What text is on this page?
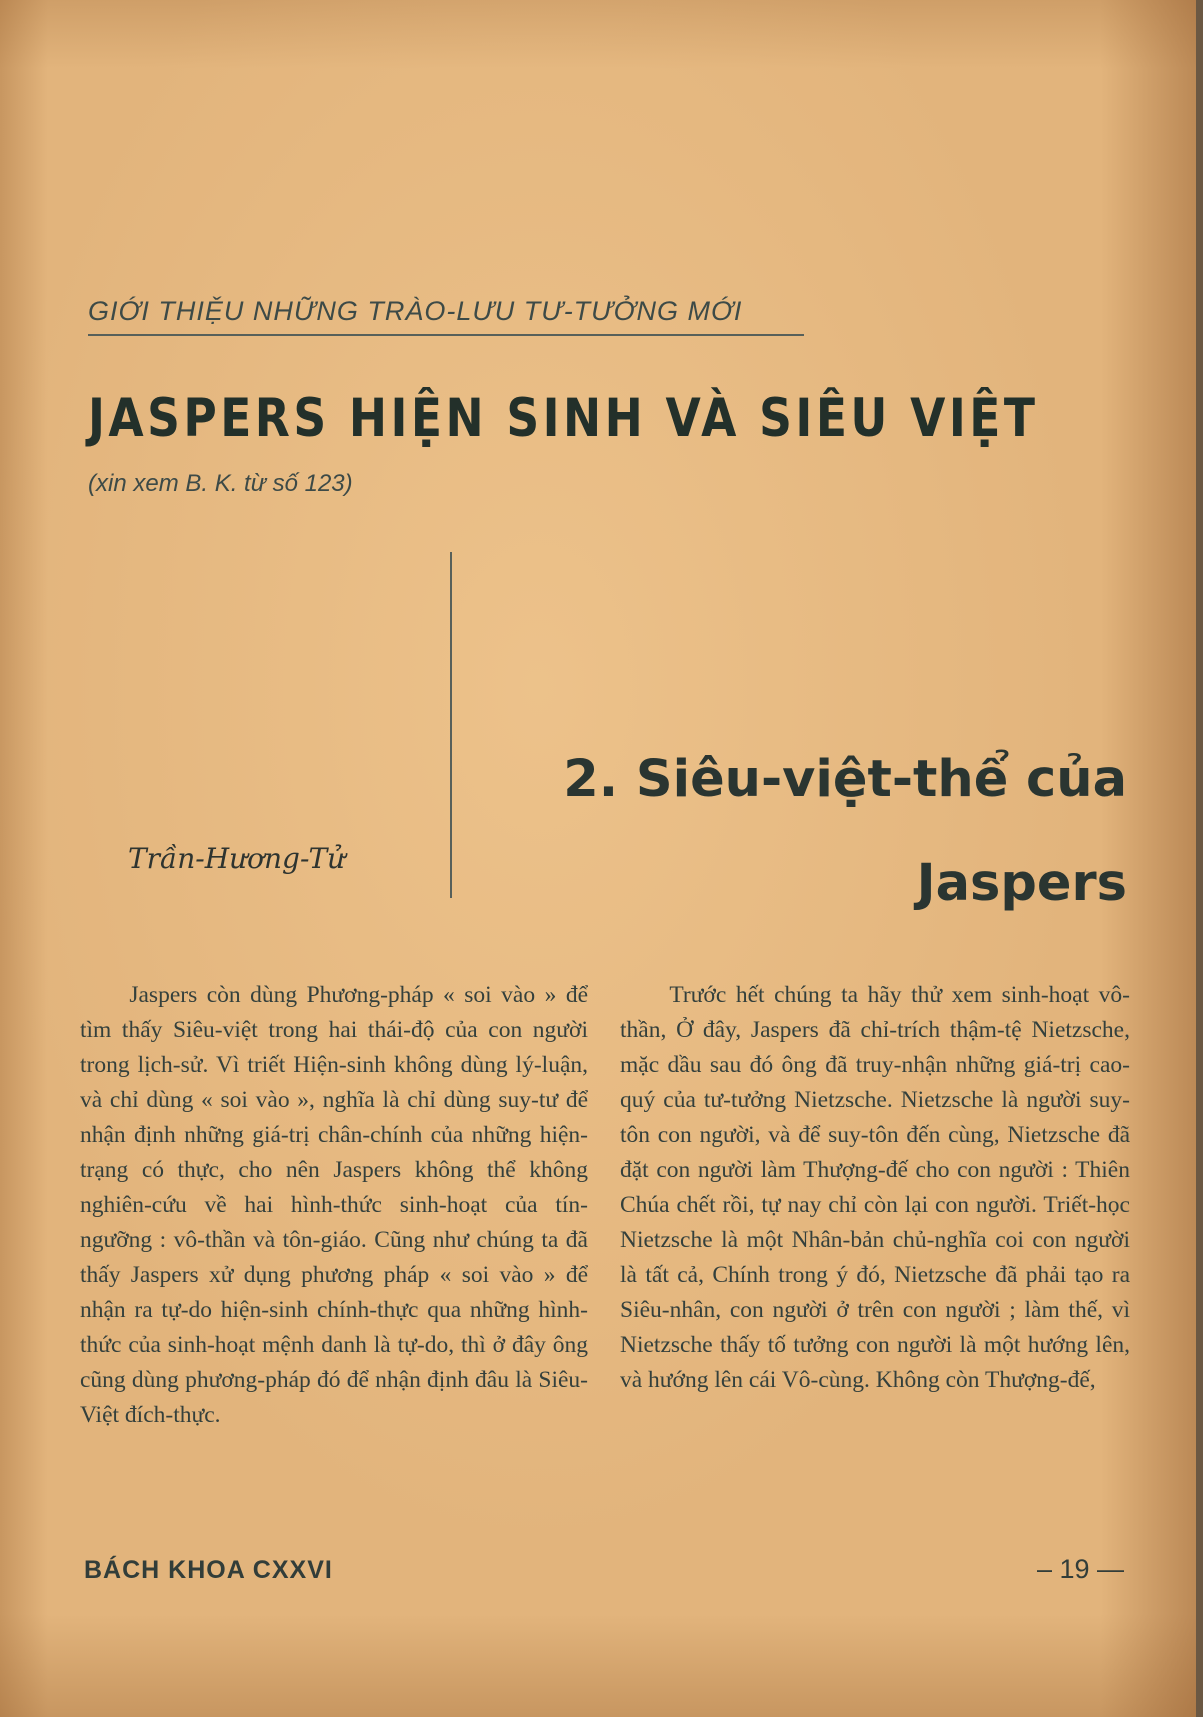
GIỚI THIỆU NHỮNG TRÀO-LƯU TƯ-TƯỞNG MỚI
JASPERS HIỆN SINH VÀ SIÊU VIỆT
(xin xem B. K. từ số 123)
Trần-Hương-Tử
2. Siêu-việt-thể của Jaspers

Jaspers còn dùng Phương-pháp « soi vào » để tìm thấy Siêu-việt trong hai thái-độ của con người trong lịch-sử. Vì triết Hiện-sinh không dùng lý-luận, và chỉ dùng « soi vào », nghĩa là chỉ dùng suy-tư để nhận định những giá-trị chân-chính của những hiện-trạng có thực, cho nên Jaspers không thể không nghiên-cứu về hai hình-thức sinh-hoạt của tín-ngưỡng : vô-thần và tôn-giáo. Cũng như chúng ta đã thấy Jaspers xử dụng phương pháp « soi vào » để nhận ra tự-do hiện-sinh chính-thực qua những hình-thức của sinh-hoạt mệnh danh là tự-do, thì ở đây ông cũng dùng phương-pháp đó để nhận định đâu là Siêu-Việt đích-thực.

Trước hết chúng ta hãy thử xem sinh-hoạt vô-thần, Ở đây, Jaspers đã chỉ-trích thậm-tệ Nietzsche, mặc dầu sau đó ông đã truy-nhận những giá-trị cao-quý của tư-tưởng Nietzsche. Nietzsche là người suy-tôn con người, và để suy-tôn đến cùng, Nietzsche đã đặt con người làm Thượng-đế cho con người : Thiên Chúa chết rồi, tự nay chỉ còn lại con người. Triết-học Nietzsche là một Nhân-bản chủ-nghĩa coi con người là tất cả, Chính trong ý đó, Nietzsche đã phải tạo ra Siêu-nhân, con người ở trên con người ; làm thế, vì Nietzsche thấy tố tưởng con người là một hướng lên, và hướng lên cái Vô-cùng. Không còn Thượng-đế,

BÁCH KHOA CXXVI	– 19 —
